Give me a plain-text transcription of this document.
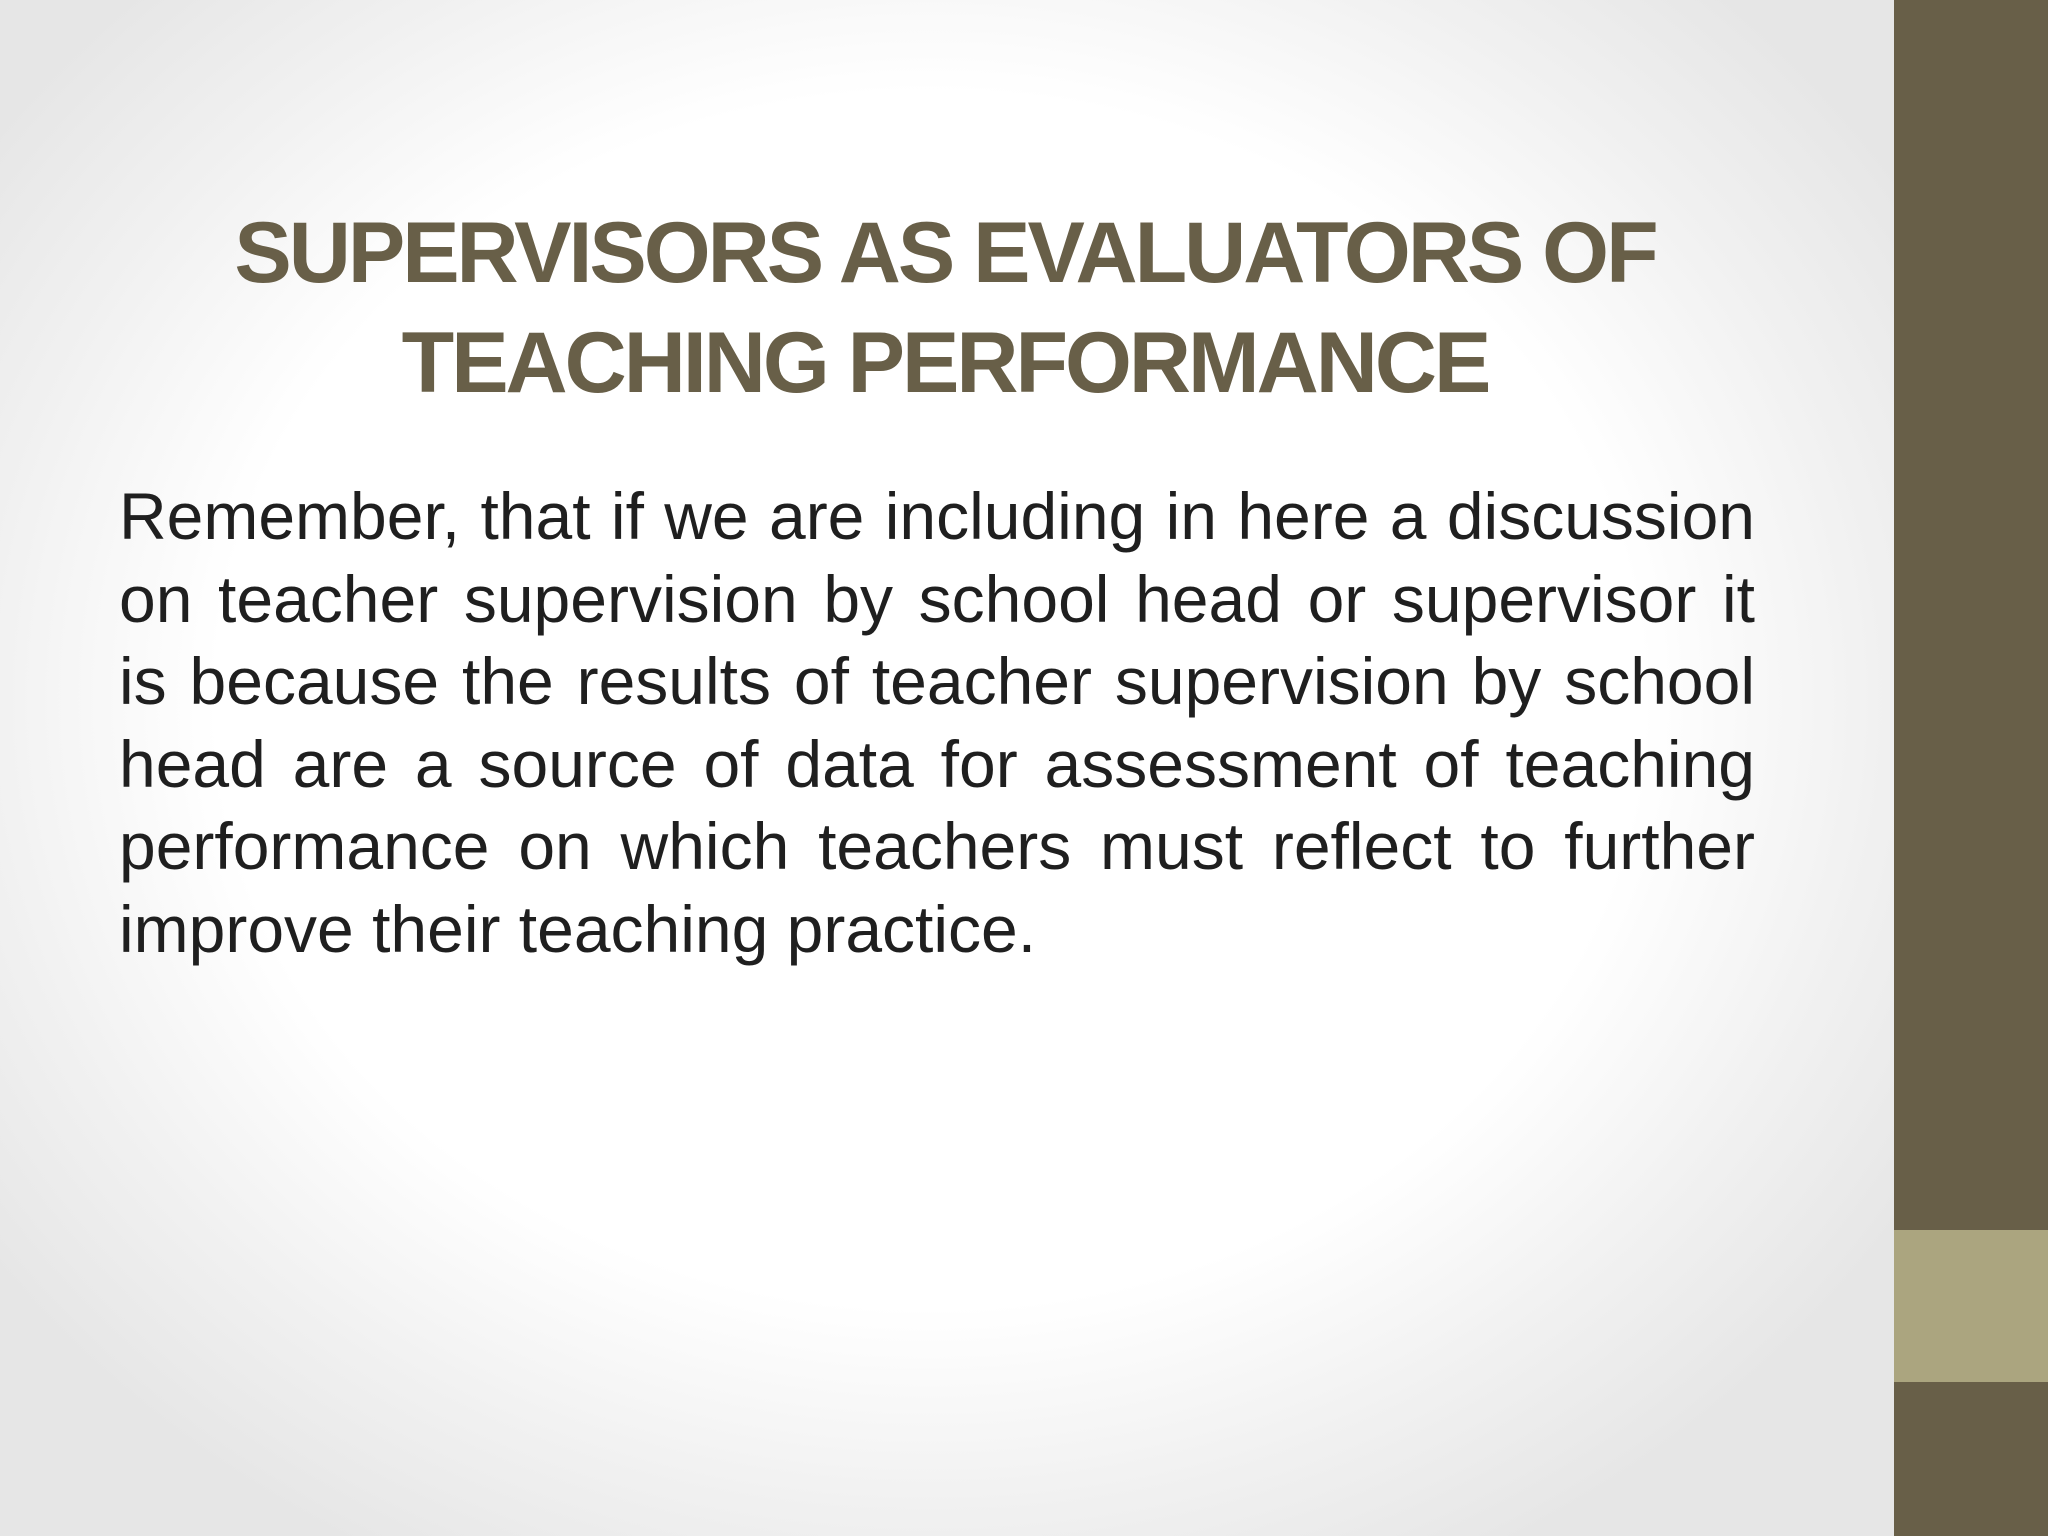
SUPERVISORS AS EVALUATORS OF TEACHING PERFORMANCE

Remember, that if we are including in here a discussion on teacher supervision by school head or supervisor it is because the results of teacher supervision by school head are a source of data for assessment of teaching performance on which teachers must reflect to further improve their teaching practice.
